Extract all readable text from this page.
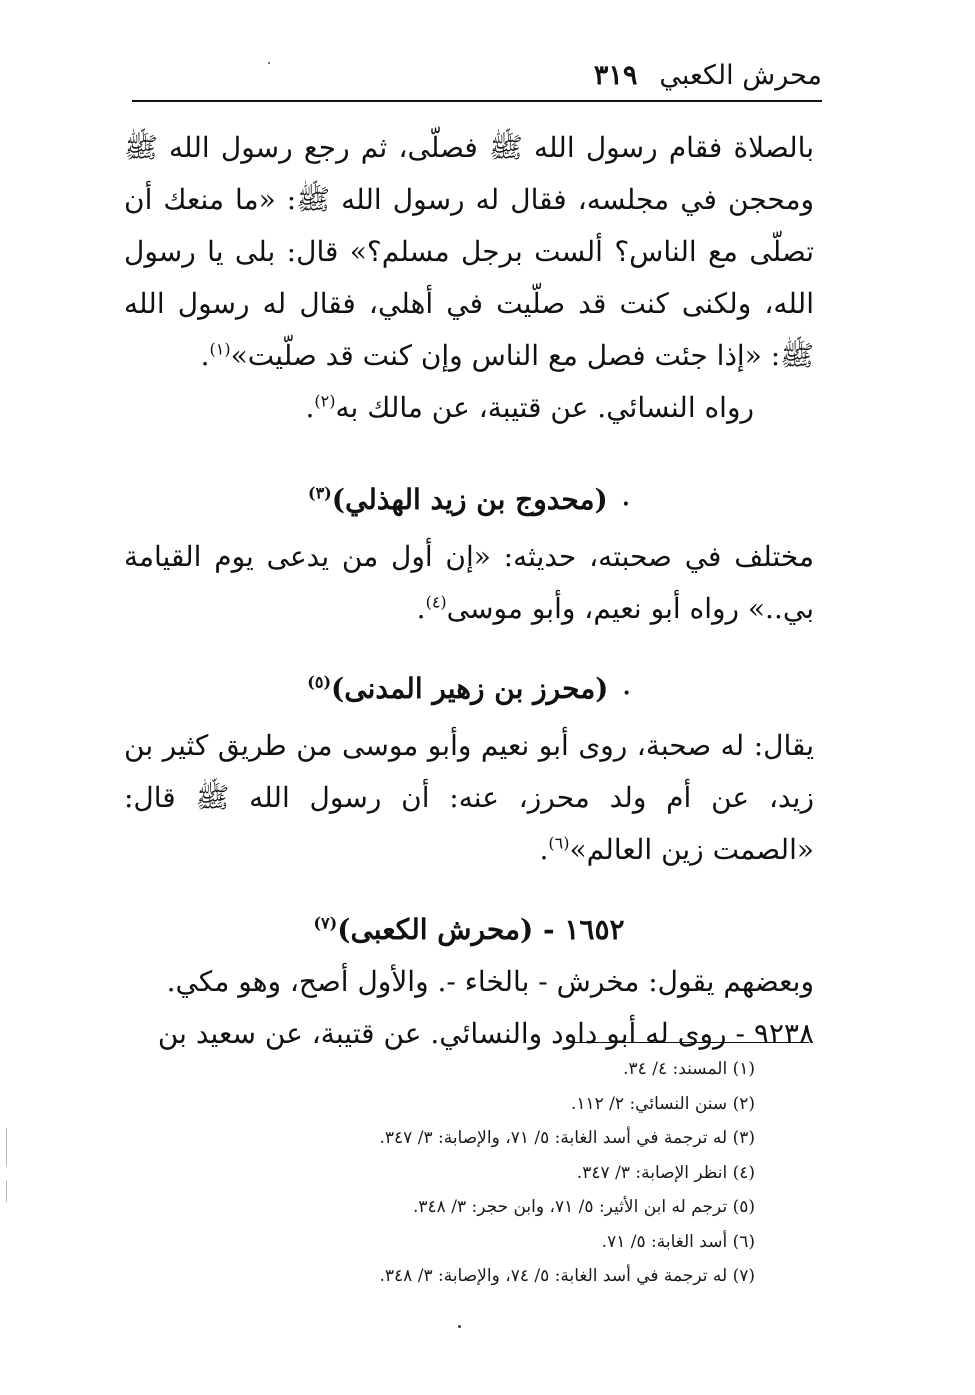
محرش الكعبي
٣١٩

بالصلاة فقام رسول الله ﷺ فصلّى، ثم رجع رسول الله ﷺ ومحجن في مجلسه، فقال له رسول الله ﷺ: «ما منعك أن تصلّى مع الناس؟ ألست برجل مسلم؟» قال: بلى يا رسول الله، ولكنى كنت قد صلّيت في أهلي، فقال له رسول الله ﷺ: «إذا جئت فصل مع الناس وإن كنت قد صلّيت»$^{(١)}$.

رواه النسائي. عن قتيبة، عن مالك به$^{(٢)}$.

•(محدوج بن زيد الهذلي)$^{(٣)}$

مختلف في صحبته، حديثه: «إن أول من يدعى يوم القيامة بي..» رواه أبو نعيم، وأبو موسى$^{(٤)}$.

•(محرز بن زهير المدنى)$^{(٥)}$

يقال: له صحبة، روى أبو نعيم وأبو موسى من طريق كثير بن زيد، عن أم ولد محرز، عنه: أن رسول الله ﷺ قال: «الصمت زين العالم»$^{(٦)}$.

١٦٥٢ - (محرش الكعبى)$^{(٧)}$

وبعضهم يقول: مخرش - بالخاء -. والأول أصح، وهو مكي.

٩٢٣٨ - روى له أبو داود والنسائي. عن قتيبة، عن سعيد بن

(١) المسند: ٤/ ٣٤.

(٢) سنن النسائي: ٢/ ١١٢.

(٣) له ترجمة في أسد الغابة: ٥/ ٧١، والإصابة: ٣/ ٣٤٧.

(٤) انظر الإصابة: ٣/ ٣٤٧.

(٥) ترجم له ابن الأثير: ٥/ ٧١، وابن حجر: ٣/ ٣٤٨.

(٦) أسد الغابة: ٥/ ٧١.

(٧) له ترجمة في أسد الغابة: ٥/ ٧٤، والإصابة: ٣/ ٣٤٨.
